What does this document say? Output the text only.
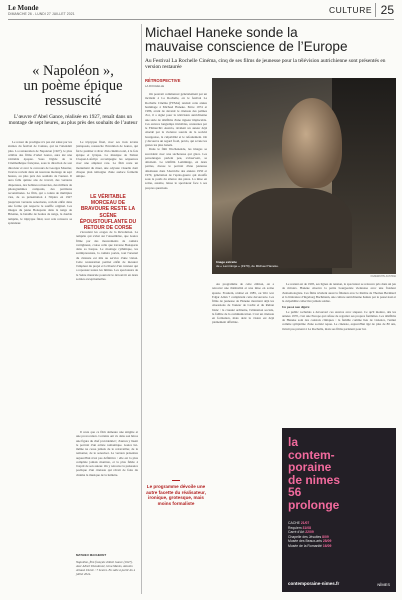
Le Monde
DIMANCHE 26 - LUNDI 27 JUILLET 2021	CULTURE 25
« Napoléon »,
un poème épique
ressuscité
L’œuvre d’Abel Gance, réalisée en 1927, renaît dans un montage de sept heures, au plus près des souhaits de l’auteur

Le retour du prodigue n'a pas été salué par les sirènes du festival de Cannes, qui ne l'attendait plus. La restauration de Napoléon (1927), le plus célèbre des films d'Abel Gance, aura été une véritable épopée. Sous l'égide de la Cinémathèque française, sous la direction de son directeur et avec le concours de Georges Mourier, l'œuvre revient dans un nouveau montage de sept heures, au plus près des souhaits de l'auteur. Il aura fallu quinze ans de travail, des versions dispersées, des bobines retrouvées, des milliers de photogrammes comparés, des partitions reconstituées. Le film, qui a connu de multiples vies, de sa présentation à l'Opéra en 1927 jusqu'aux versions sonorisées, revient enfin dans une forme qui respecte le souffle originel. Les images du jeune Bonaparte dans la neige de Brienne, la bataille de boules de neige, la double tempête, le triptyque final, tout cela retrouve sa splendeur.

Le triptyque final, avec ses trois écrans juxtaposés, ressuscite l'invention de Gance, qui fut le premier à rêver d'un cinéma total, à la fois épique et lyrique. La musique de Simon Cloquet-Lafollye accompagne les séquences avec une ampleur rare. Le film reste un monument du muet, une odyssée visuelle dont chaque plan témoigne d'une audace formelle unique.

LE VÉRITABLE MORCEAU DE BRAVOURE RESTE LA SCÈNE ÉPOUSTOUFLANTE DU RETOUR DE CORSE

s'écoulent les orages de la Révolution. La tempête qui s'abat sur l'Assemblée, que Gance filme par des mouvements de caméra vertigineux, croise celle que traverse Bonaparte dans sa barque. Le montage rythmique, les surimpressions, la caméra portée, tout l'arsenal du cinéaste est mis au service d'une vision. Cette restauration permet enfin de mesurer l'ampleur du projet et la liberté d'un créateur qui a repoussé toutes les limites. Les spectateurs de la Seine musicale pourront le découvrir en deux soirées exceptionnelles.

Il reste que ce film demeure une énigme et une provocation. Certains ont vu dans son héros une figure du chef providentiel ; d'autres y lisent le portrait d'un artiste romantique. Gance lui-même ne cessa jamais de le retravailler, de le remonter, de le sonoriser. La version présentée aujourd'hui n'est pas définitive : elle est la plus complète jamais montrée, et la plus fidèle à l'esprit de son auteur. On y retrouve la puissance poétique d'un cinéaste qui rêvait de faire du cinéma la musique de la lumière.

MATHIEU MACHERET
Napoléon, film français d'Abel Gance (1927). Avec Albert Dieudonné, Gina Manès, Antonin Artaud. Durée : 7 heures. En salle à partir du 4 juillet 2024.
Michael Haneke sonde la
mauvaise conscience de l’Europe
Au Festival La Rochelle Cinéma, cinq de ses films de jeunesse pour la télévision autrichienne sont présentés en version restaurée
RÉTROSPECTIVE
LA ROCHELLE

On pourrait commencer généralement par un incident à La Rochelle, où le festival La Rochelle Cinéma (FEMA) rendait cette année hommage à Michael Haneke. Entre 1974 et 1986, avant de devenir le cinéaste des palmes d'or, il a signé pour la télévision autrichienne une série de téléfilms d'une rigueur implacable. Ces œuvres longtemps invisibles, restaurées par le Filmarchiv Austria, révèlent un auteur déjà obsédé par la violence sourde de la société bourgeoise, la culpabilité et le refoulement. On y découvre un regard froid, précis, qui scrute les gestes les plus banals.

Dans le film Wochenende, les images se succèdent avec une sécheresse qui glace. Les personnages parlent peu, s'observent, se dérobent. Le téléfilm Lemminge, en deux parties, dresse le portrait d'une jeunesse désabusée dans l'Autriche des années 1950 et 1970, génération de l'après-guerre qui étouffe sous le poids du silence des pères. La mise en scène, austère, laisse le spectateur face à ses propres questions.

Image extraite
de « Lemminge » (1979), de Michael Haneke.
FILMARCHIV AUSTRIA

Au programme de cette édition, on a retrouvé une théâtralité et une mise en scène épurée. Fraulein, réalisé en 1985, ou Wer war Edgar Allan ? complètent cette découverte. Les films de jeunesse de Haneke montrent déjà les obsessions de l'auteur de Caché et du Ruban blanc : la cruauté ordinaire, l'aliénation sociale, la faillite de la communication. C'est un cinéaste en formation, mais dont la vision est déjà pleinement affirmée.

Le restant est de 1995, ses lignes de tension, le spectateur se retrouve pris dans un jeu de miroirs. Haneke observe la petite bourgeoisie viennoise avec une froideur d'entomologiste. Ces films révèlent aussi la filiation avec le théâtre de Thomas Bernhard et la littérature d'Ingeborg Bachmann, une culture autrichienne hantée par le passé nazi et la culpabilité collective jamais soldée.

Un passé non digéré

Le public rochelais a découvert ces œuvres avec stupeur. Ce qu'il montre, dès les années 1970, c'est une Europe qui refuse de regarder ses propres fantômes. Les téléfilms de Haneke sont des constats cliniques : la famille comme lieu de violence, l'ennui comme symptôme d'une société repue. Le cinéaste, aujourd'hui âgé de plus de 80 ans, n'était pas présent à La Rochelle, mais ses films parlaient pour lui.

Le programme dévoile une autre facette du réalisateur, ironique, grotesque, mais moins formaliste
la
contem-
poraine
de nimes
56
prolonge
CACHE 21/07
Requiem 31/08
Carré d'Art 22/09
Chapelle des Jésuites 8/09
Musée des Beaux-arts 28/09
Musée de la Romanité 16/09
contemporaine-nimes.fr	NÎMES
